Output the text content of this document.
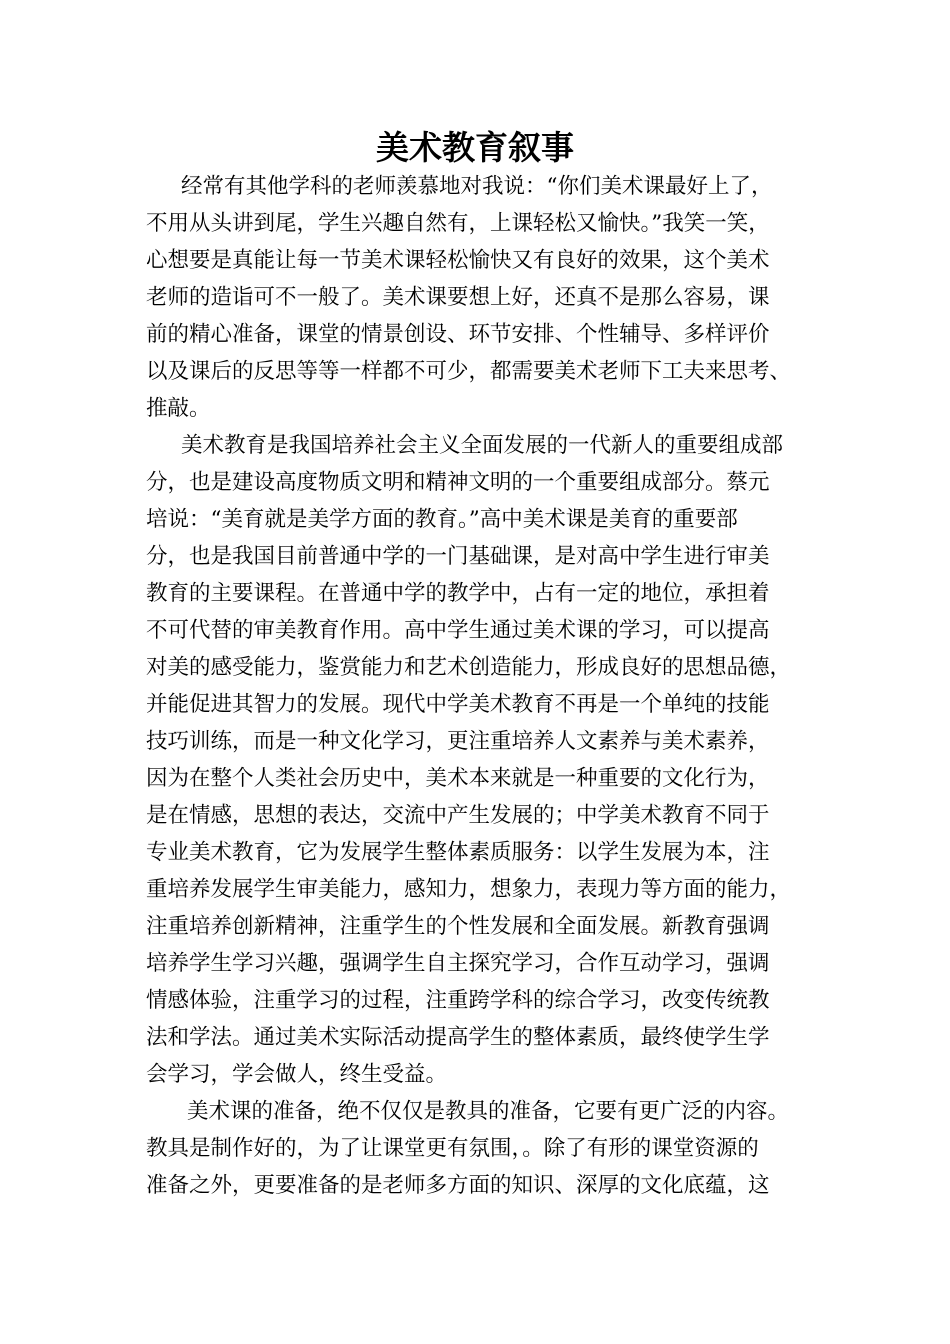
美术教育叙事
经常有其他学科的老师羡慕地对我说：“你们美术课最好上了，
不用从头讲到尾，学生兴趣自然有，上课轻松又愉快。”我笑一笑，
心想要是真能让每一节美术课轻松愉快又有良好的效果，这个美术
老师的造诣可不一般了。美术课要想上好，还真不是那么容易，课
前的精心准备，课堂的情景创设、环节安排、个性辅导、多样评价
以及课后的反思等等一样都不可少，都需要美术老师下工夫来思考、
推敲。
美术教育是我国培养社会主义全面发展的一代新人的重要组成部
分，也是建设高度物质文明和精神文明的一个重要组成部分。蔡元
培说：“美育就是美学方面的教育。”高中美术课是美育的重要部
分，也是我国目前普通中学的一门基础课，是对高中学生进行审美
教育的主要课程。在普通中学的教学中，占有一定的地位，承担着
不可代替的审美教育作用。高中学生通过美术课的学习，可以提高
对美的感受能力，鉴赏能力和艺术创造能力，形成良好的思想品德，
并能促进其智力的发展。现代中学美术教育不再是一个单纯的技能
技巧训练，而是一种文化学习，更注重培养人文素养与美术素养，
因为在整个人类社会历史中，美术本来就是一种重要的文化行为，
是在情感，思想的表达，交流中产生发展的；中学美术教育不同于
专业美术教育，它为发展学生整体素质服务：以学生发展为本，注
重培养发展学生审美能力，感知力，想象力，表现力等方面的能力，
注重培养创新精神，注重学生的个性发展和全面发展。新教育强调
培养学生学习兴趣，强调学生自主探究学习，合作互动学习，强调
情感体验，注重学习的过程，注重跨学科的综合学习，改变传统教
法和学法。通过美术实际活动提高学生的整体素质，最终使学生学
会学习，学会做人，终生受益。
美术课的准备，绝不仅仅是教具的准备，它要有更广泛的内容。
教具是制作好的，为了让课堂更有氛围，。除了有形的课堂资源的
准备之外，更要准备的是老师多方面的知识、深厚的文化底蕴，这
